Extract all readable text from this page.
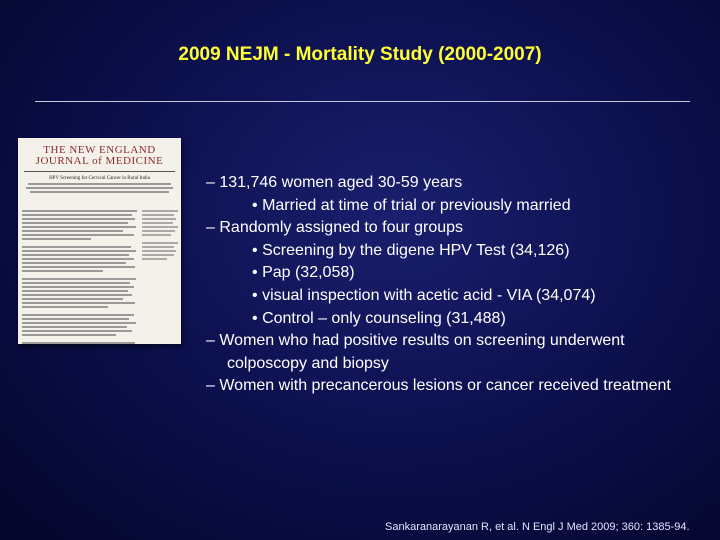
2009 NEJM - Mortality Study (2000-2007)
THE NEW ENGLAND
JOURNAL of MEDICINE
HPV Screening for Cervical Cancer in Rural India	– 131,746 women aged 30-59 years
• Married at time of trial or previously married
– Randomly assigned to four groups
• Screening by the digene HPV Test (34,126)
• Pap (32,058)
• visual inspection with acetic acid - VIA (34,074)
• Control – only counseling (31,488)
– Women who had positive results on screening underwent colposcopy and biopsy
– Women with precancerous lesions or cancer received treatment
Sankaranarayanan R, et al. N Engl J Med 2009; 360: 1385-94.
